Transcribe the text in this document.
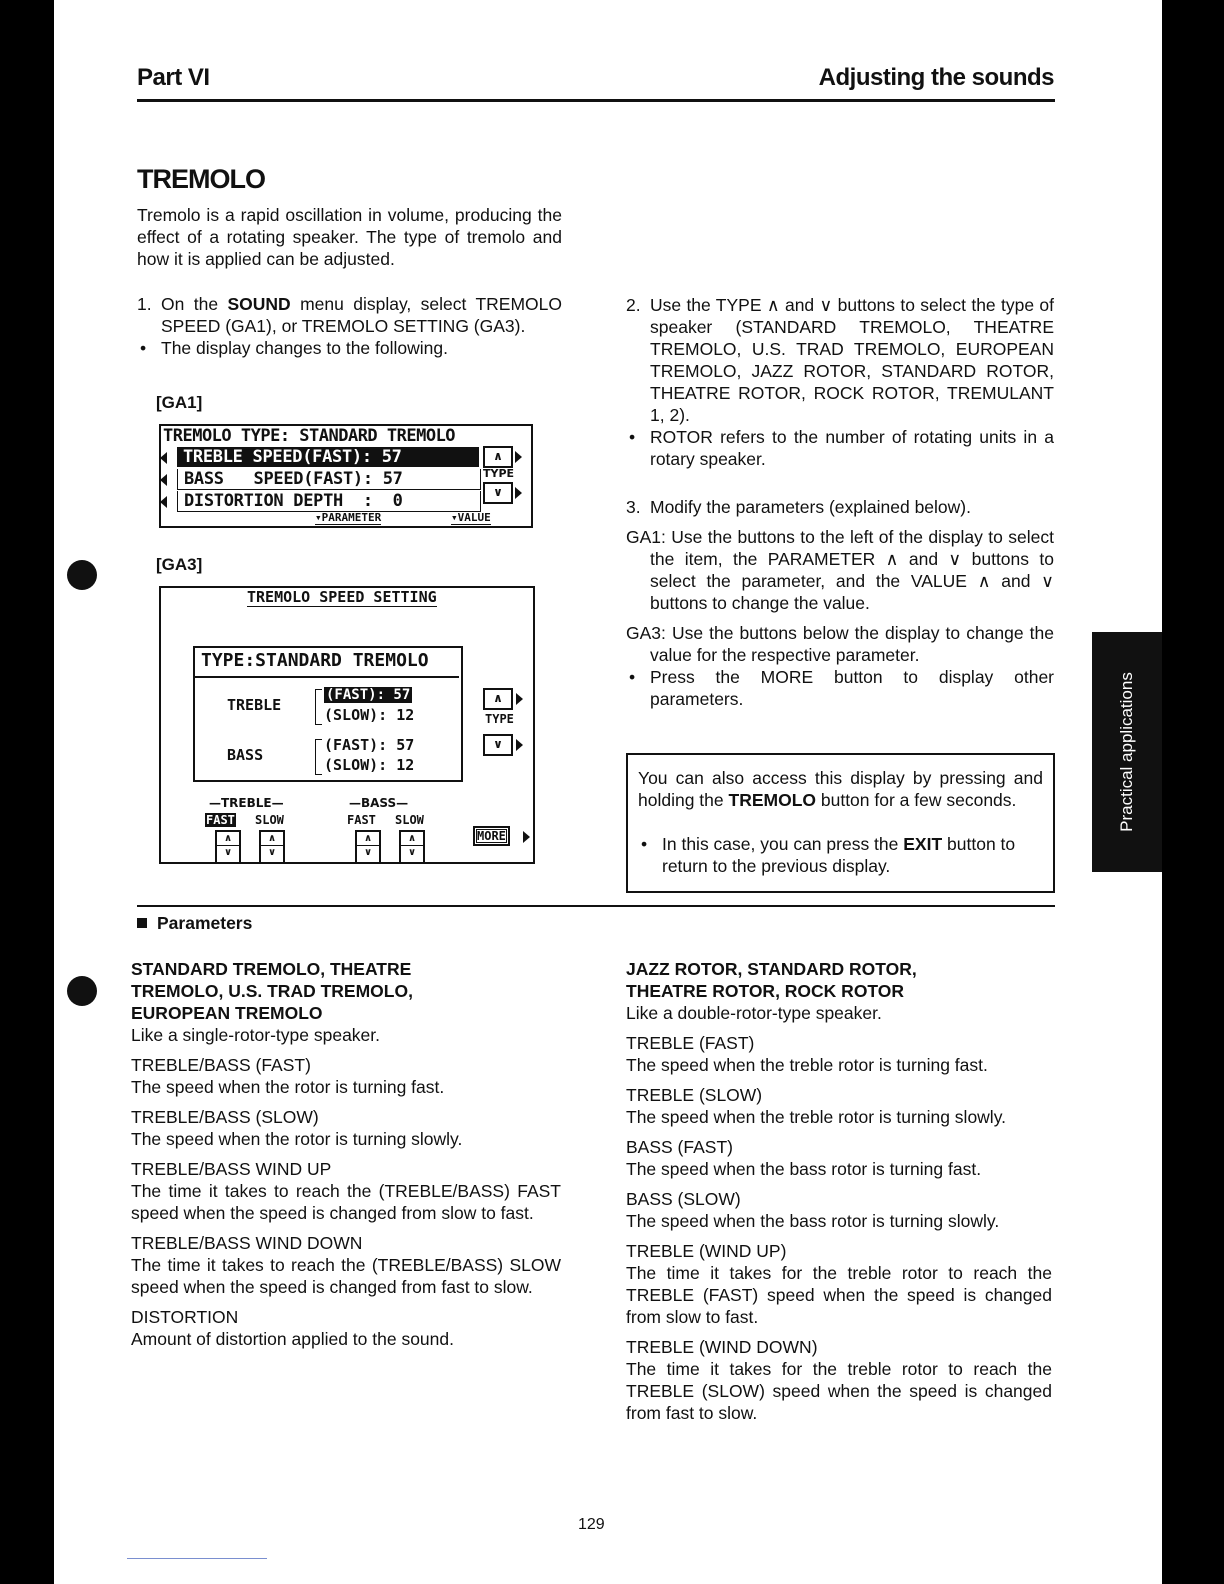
Part VI	Adjusting the sounds
TREMOLO

Tremolo is a rapid oscillation in volume, producing the effect of a rotating speaker. The type of tremolo and how it is applied can be adjusted.

1. On the SOUND menu display, select TREMOLO SPEED (GA1), or TREMOLO SETTING (GA3).
• The display changes to the following.
[GA1]
TREMOLO TYPE: STANDARD TREMOLO
TREBLE SPEED(FAST): 57
BASS   SPEED(FAST): 57
DISTORTION DEPTH  :  0
∧
TYPE
∨
▾PARAMETER	▾VALUE
[GA3]
TREMOLO SPEED SETTING
TYPE:STANDARD TREMOLO
TREBLE
(FAST): 57
(SLOW): 12
BASS
(FAST): 57
(SLOW): 12
∧
TYPE
∨
—TREBLE—	—BASS—
FAST SLOW	FAST SLOW
∧
∨
∧
∨
∧
∨
∧
∨
MORE
2. Use the TYPE ∧ and ∨ buttons to select the type of speaker (STANDARD TREMOLO, THEATRE TREMOLO, U.S. TRAD TREMOLO, EUROPEAN TREMOLO, JAZZ ROTOR, STANDARD ROTOR, THEATRE ROTOR, ROCK ROTOR, TREMULANT 1, 2).
• ROTOR refers to the number of rotating units in a rotary speaker.
3. Modify the parameters (explained below).
GA1: Use the buttons to the left of the display to select the item, the PARAMETER ∧ and ∨ buttons to select the parameter, and the VALUE ∧ and ∨ buttons to change the value.
GA3: Use the buttons below the display to change the value for the respective parameter.
• Press the MORE button to display other parameters.
You can also access this display by pressing and holding the TREMOLO button for a few seconds.
• In this case, you can press the EXIT button to return to the previous display.
Practical applications
Parameters
STANDARD TREMOLO, THEATRE TREMOLO, U.S. TRAD TREMOLO, EUROPEAN TREMOLO
Like a single-rotor-type speaker.
TREBLE/BASS (FAST)
The speed when the rotor is turning fast.
TREBLE/BASS (SLOW)
The speed when the rotor is turning slowly.
TREBLE/BASS WIND UP
The time it takes to reach the (TREBLE/BASS) FAST speed when the speed is changed from slow to fast.
TREBLE/BASS WIND DOWN
The time it takes to reach the (TREBLE/BASS) SLOW speed when the speed is changed from fast to slow.
DISTORTION
Amount of distortion applied to the sound.
JAZZ ROTOR, STANDARD ROTOR, THEATRE ROTOR, ROCK ROTOR
Like a double-rotor-type speaker.
TREBLE (FAST)
The speed when the treble rotor is turning fast.
TREBLE (SLOW)
The speed when the treble rotor is turning slowly.
BASS (FAST)
The speed when the bass rotor is turning fast.
BASS (SLOW)
The speed when the bass rotor is turning slowly.
TREBLE (WIND UP)
The time it takes for the treble rotor to reach the TREBLE (FAST) speed when the speed is changed from slow to fast.
TREBLE (WIND DOWN)
The time it takes for the treble rotor to reach the TREBLE (SLOW) speed when the speed is changed from fast to slow.
129
